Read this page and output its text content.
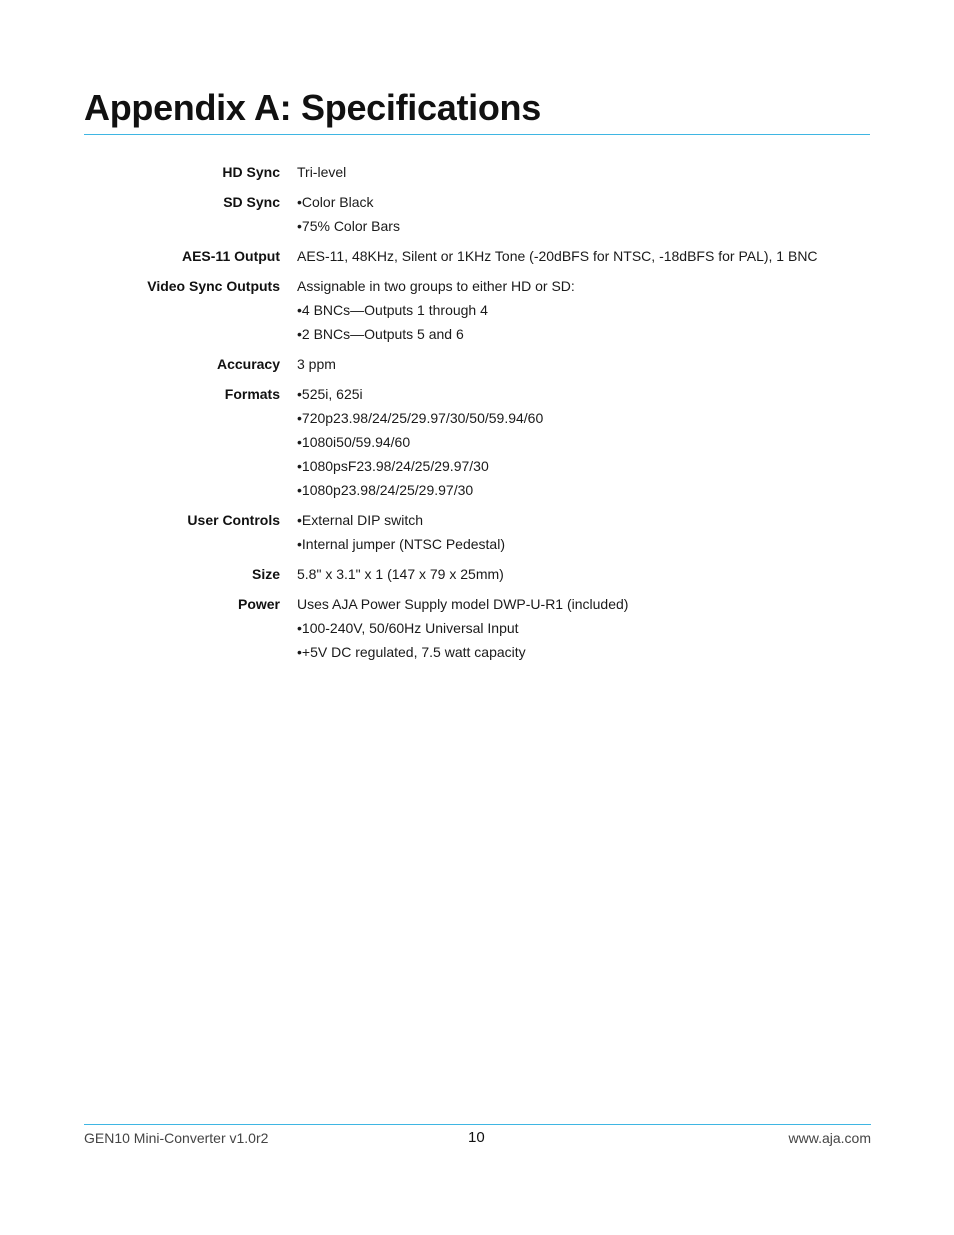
Appendix A: Specifications
HD Sync Tri-level
SD Sync •Color Black
•75% Color Bars
AES-11 Output AES-11, 48KHz, Silent or 1KHz Tone (-20dBFS for NTSC, -18dBFS for PAL), 1 BNC
Video Sync Outputs Assignable in two groups to either HD or SD:
•4 BNCs—Outputs 1 through 4
•2 BNCs—Outputs 5 and 6
Accuracy 3 ppm
Formats •525i, 625i
•720p23.98/24/25/29.97/30/50/59.94/60
•1080i50/59.94/60
•1080psF23.98/24/25/29.97/30
•1080p23.98/24/25/29.97/30
User Controls •External DIP switch
•Internal jumper (NTSC Pedestal)
Size 5.8" x 3.1" x 1 (147 x 79 x 25mm)
Power Uses AJA Power Supply model DWP-U-R1 (included)
•100-240V, 50/60Hz Universal Input
•+5V DC regulated, 7.5 watt capacity
GEN10 Mini-Converter v1.0r2	10	www.aja.com
